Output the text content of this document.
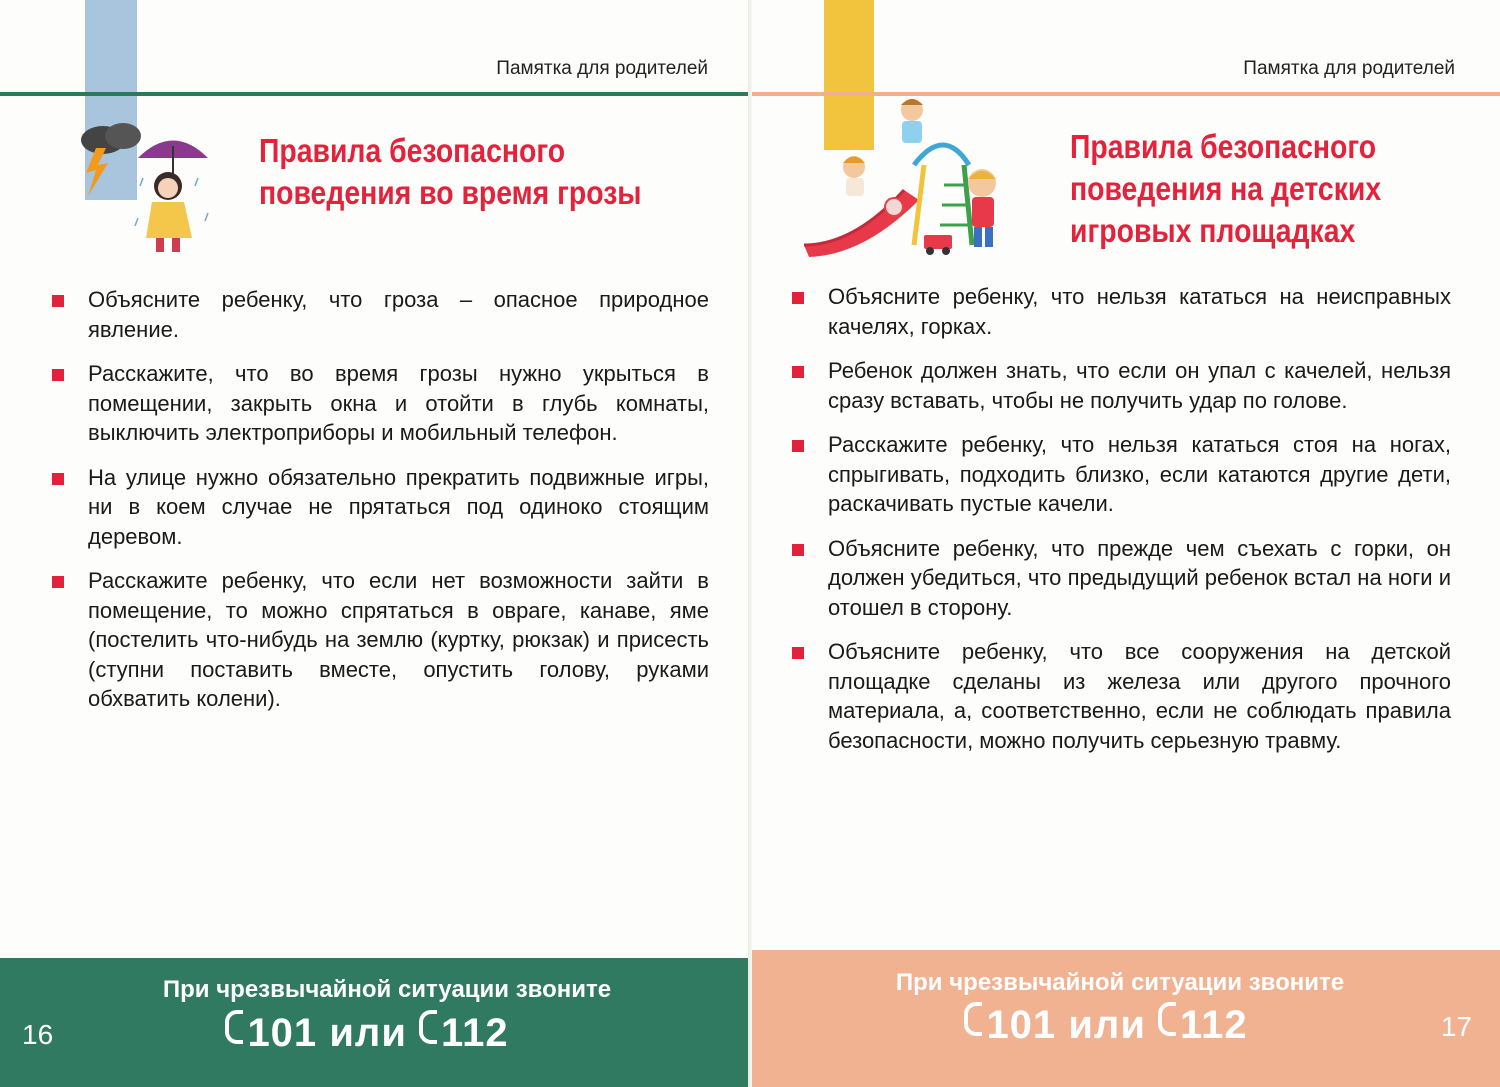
Памятка для родителей
Правила безопасного
поведения во время грозы
Объясните ребенку, что гроза – опасное природное явление.
Расскажите, что во время грозы нужно укрыться в помещении, закрыть окна и отойти в глубь комнаты, выключить электроприборы и мобильный телефон.
На улице нужно обязательно прекратить подвижные игры, ни в коем случае не прятаться под одиноко стоящим деревом.
Расскажите ребенку, что если нет возможности зайти в помещение, то можно спрятаться в овраге, канаве, яме (постелить что-нибудь на землю (куртку, рюкзак) и присесть (ступни поставить вместе, опустить голову, руками обхватить колени).
При чрезвычайной ситуации звоните
101 или 112
16
Памятка для родителей
Правила безопасного
поведения на детских
игровых площадках
Объясните ребенку, что нельзя кататься на неисправных качелях, горках.
Ребенок должен знать, что если он упал с качелей, нельзя сразу вставать, чтобы не получить удар по голове.
Расскажите ребенку, что нельзя кататься стоя на ногах, спрыгивать, подходить близко, если катаются другие дети, раскачивать пустые качели.
Объясните ребенку, что прежде чем съехать с горки, он должен убедиться, что предыдущий ребенок встал на ноги и отошел в сторону.
Объясните ребенку, что все сооружения на детской площадке сделаны из железа или другого прочного материала, а, соответственно, если не соблюдать правила безопасности, можно получить серьезную травму.
При чрезвычайной ситуации звоните
101 или 112	17
